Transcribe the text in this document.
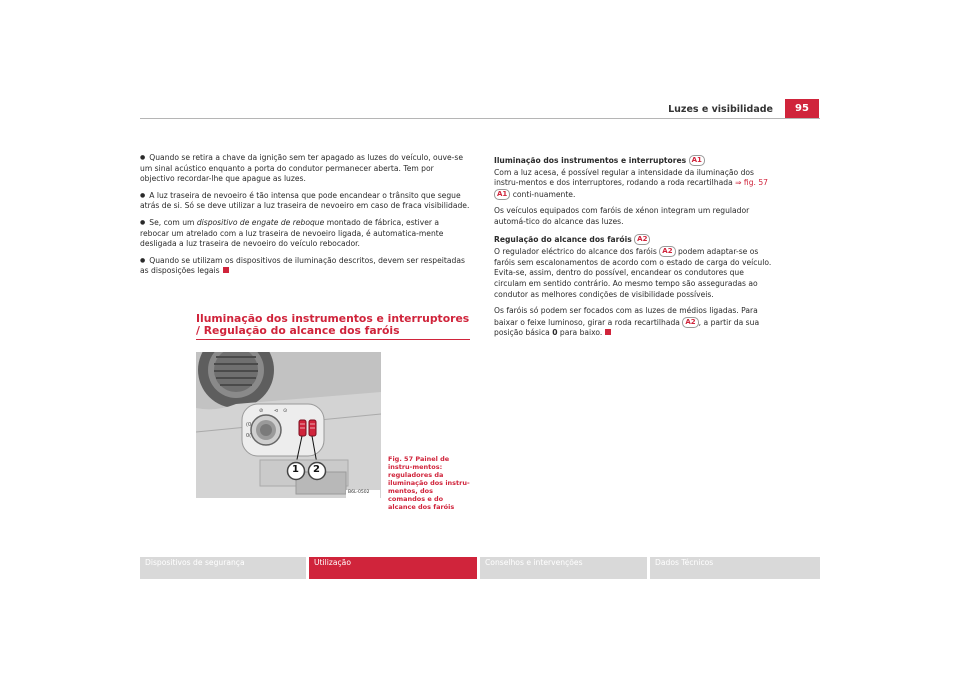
Luzes e visibilidade	95

● Quando se retira a chave da ignição sem ter apagado as luzes do veículo, ouve-se um sinal acústico enquanto a porta do condutor permanecer aberta. Tem por objectivo recordar-lhe que apague as luzes.

● A luz traseira de nevoeiro é tão intensa que pode encandear o trânsito que segue atrás de si. Só se deve utilizar a luz traseira de nevoeiro em caso de fraca visibilidade.

● Se, com um dispositivo de engate de reboque montado de fábrica, estiver a rebocar um atrelado com a luz traseira de nevoeiro ligada, é automatica-mente desligada a luz traseira de nevoeiro do veículo rebocador.

● Quando se utilizam os dispositivos de iluminação descritos, devem ser respeitadas as disposições legais

Iluminação dos instrumentos e interruptores / Regulação do alcance dos faróis
(0
0(
⊘ ⊲ ⊙
1 2
B6L-0502
Fig. 57 Painel de instru-mentos: reguladores da iluminação dos instru-mentos, dos comandos e do alcance dos faróis

Iluminação dos instrumentos e interruptores A1

Com a luz acesa, é possível regular a intensidade da iluminação dos instru-mentos e dos interruptores, rodando a roda recartilhada ⇒ fig. 57 A1 conti-nuamente.

Os veículos equipados com faróis de xénon integram um regulador automá-tico do alcance das luzes.

Regulação do alcance dos faróis A2

O regulador eléctrico do alcance dos faróis A2 podem adaptar-se os faróis sem escalonamentos de acordo com o estado de carga do veículo. Evita-se, assim, dentro do possível, encandear os condutores que circulam em sentido contrário. Ao mesmo tempo são asseguradas ao condutor as melhores condições de visibilidade possíveis.

Os faróis só podem ser focados com as luzes de médios ligadas. Para baixar o feixe luminoso, girar a roda recartilhada A2 , a partir da sua posição básica 0 para baixo.

Dispositivos de segurança	Utilização	Conselhos e intervenções	Dados Técnicos
